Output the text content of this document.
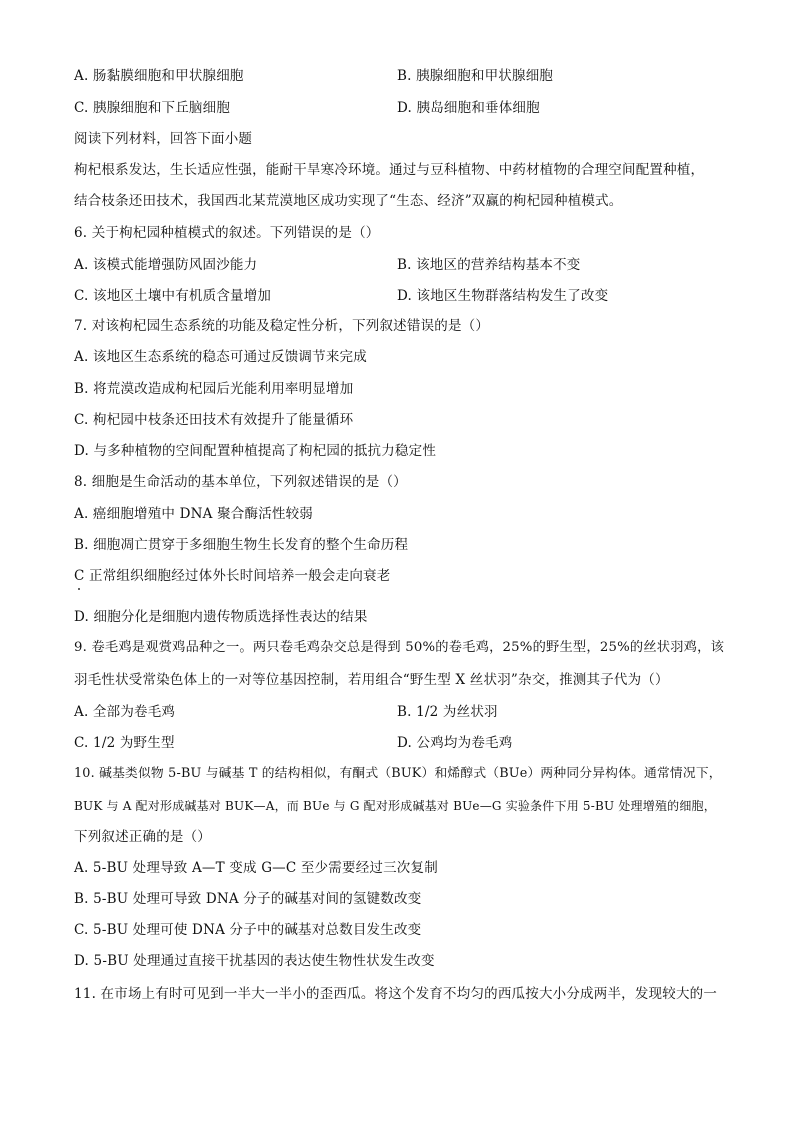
A. 肠黏膜细胞和甲状腺细胞	B. 胰腺细胞和甲状腺细胞
C. 胰腺细胞和下丘脑细胞	D. 胰岛细胞和垂体细胞
阅读下列材料，回答下面小题
枸杞根系发达，生长适应性强，能耐干旱寒冷环境。通过与豆科植物、中药材植物的合理空间配置种植，
结合枝条还田技术，我国西北某荒漠地区成功实现了“生态、经济”双赢的枸杞园种植模式。
6. 关于枸杞园种植模式的叙述。下列错误的是（）
A. 该模式能增强防风固沙能力	B. 该地区的营养结构基本不变
C. 该地区土壤中有机质含量增加	D. 该地区生物群落结构发生了改变
7. 对该枸杞园生态系统的功能及稳定性分析，下列叙述错误的是（）
A. 该地区生态系统的稳态可通过反馈调节来完成
B. 将荒漠改造成枸杞园后光能利用率明显增加
C. 枸杞园中枝条还田技术有效提升了能量循环
D. 与多种植物的空间配置种植提高了枸杞园的抵抗力稳定性
8. 细胞是生命活动的基本单位，下列叙述错误的是（）
A. 癌细胞增殖中 DNA 聚合酶活性较弱
B. 细胞凋亡贯穿于多细胞生物生长发育的整个生命历程
C 正常组织细胞经过体外长时间培养一般会走向衰老
D. 细胞分化是细胞内遗传物质选择性表达的结果
9. 卷毛鸡是观赏鸡品种之一。两只卷毛鸡杂交总是得到 50%的卷毛鸡，25%的野生型，25%的丝状羽鸡，该
羽毛性状受常染色体上的一对等位基因控制，若用组合“野生型 X 丝状羽”杂交，推测其子代为（）
A. 全部为卷毛鸡	B. 1/2 为丝状羽
C. 1/2 为野生型	D. 公鸡均为卷毛鸡
10. 碱基类似物 5-BU 与碱基 T 的结构相似，有酮式（BUK）和烯醇式（BUe）两种同分异构体。通常情况下，
BUK 与 A 配对形成碱基对 BUK—A，而 BUe 与 G 配对形成碱基对 BUe—G 实验条件下用 5-BU 处理增殖的细胞，
下列叙述正确的是（）
A. 5-BU 处理导致 A—T 变成 G—C 至少需要经过三次复制
B. 5-BU 处理可导致 DNA 分子的碱基对间的氢键数改变
C. 5-BU 处理可使 DNA 分子中的碱基对总数目发生改变
D. 5-BU 处理通过直接干扰基因的表达使生物性状发生改变
11. 在市场上有时可见到一半大一半小的歪西瓜。将这个发育不均匀的西瓜按大小分成两半，发现较大的一
